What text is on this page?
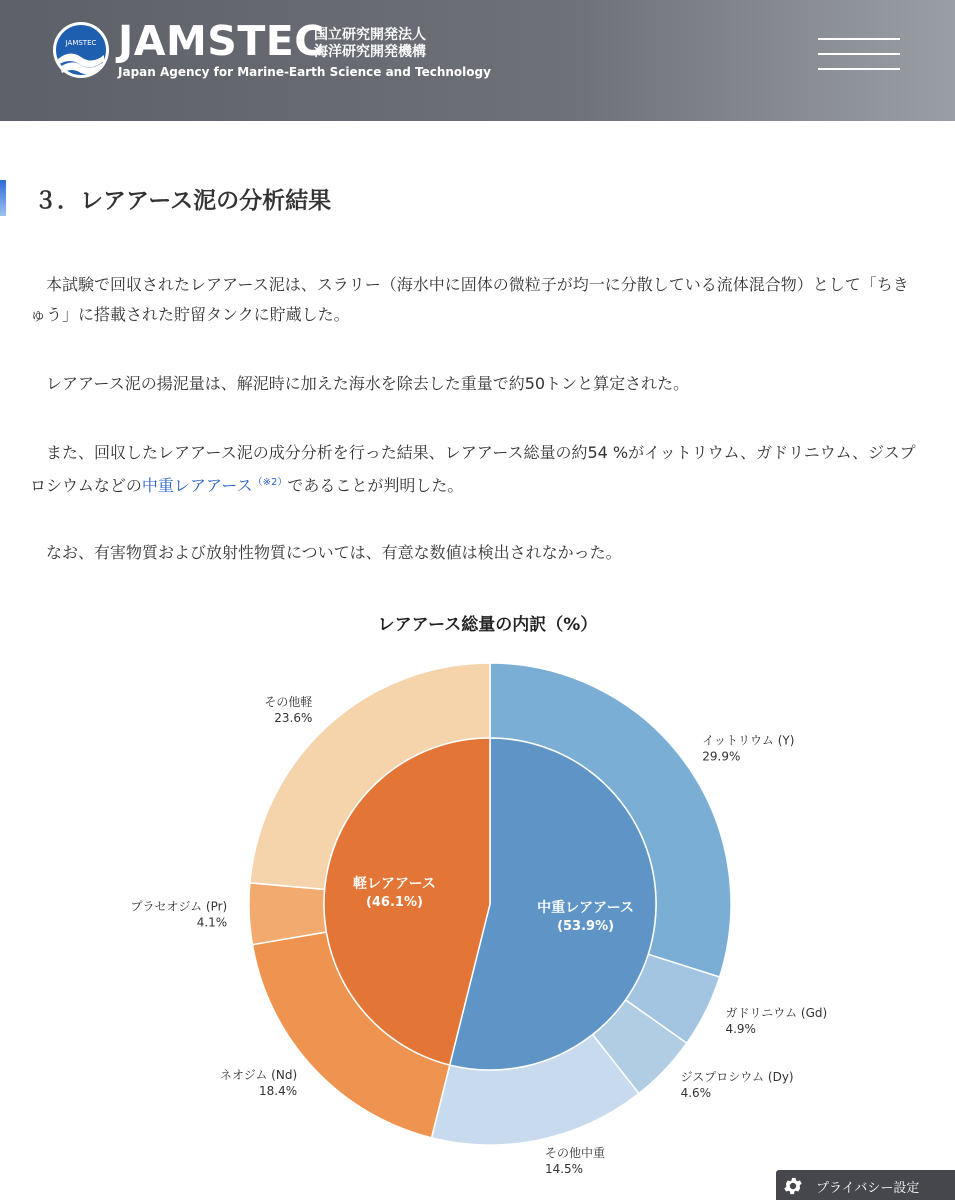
JAMSTEC JAMSTEC
国立研究開発法人
海洋研究開発機構
Japan Agency for Marine-Earth Science and Technology
３．レアアース泥の分析結果

本試験で回収されたレアアース泥は、スラリー（海水中に固体の微粒子が均一に分散している流体混合物）として「ちきゅう」に搭載された貯留タンクに貯蔵した。

レアアース泥の揚泥量は、解泥時に加えた海水を除去した重量で約50トンと算定された。

また、回収したレアアース泥の成分分析を行った結果、レアアース総量の約54 %がイットリウム、ガドリニウム、ジスプロシウムなどの中重レアアース$^{(※2)}$であることが判明した。

なお、有害物質および放射性物質については、有意な数値は検出されなかった。

レアアース総量の内訳（%）
中重レアアース
(53.9%)
軽レアアース
(46.1%)
イットリウム (Y)
29.9%
ガドリニウム (Gd)
4.9%
ジスプロシウム (Dy)
4.6%
その他中重
14.5%
ネオジム (Nd)
18.4%
プラセオジム (Pr)
4.1%
その他軽
23.6%
プライバシー設定
